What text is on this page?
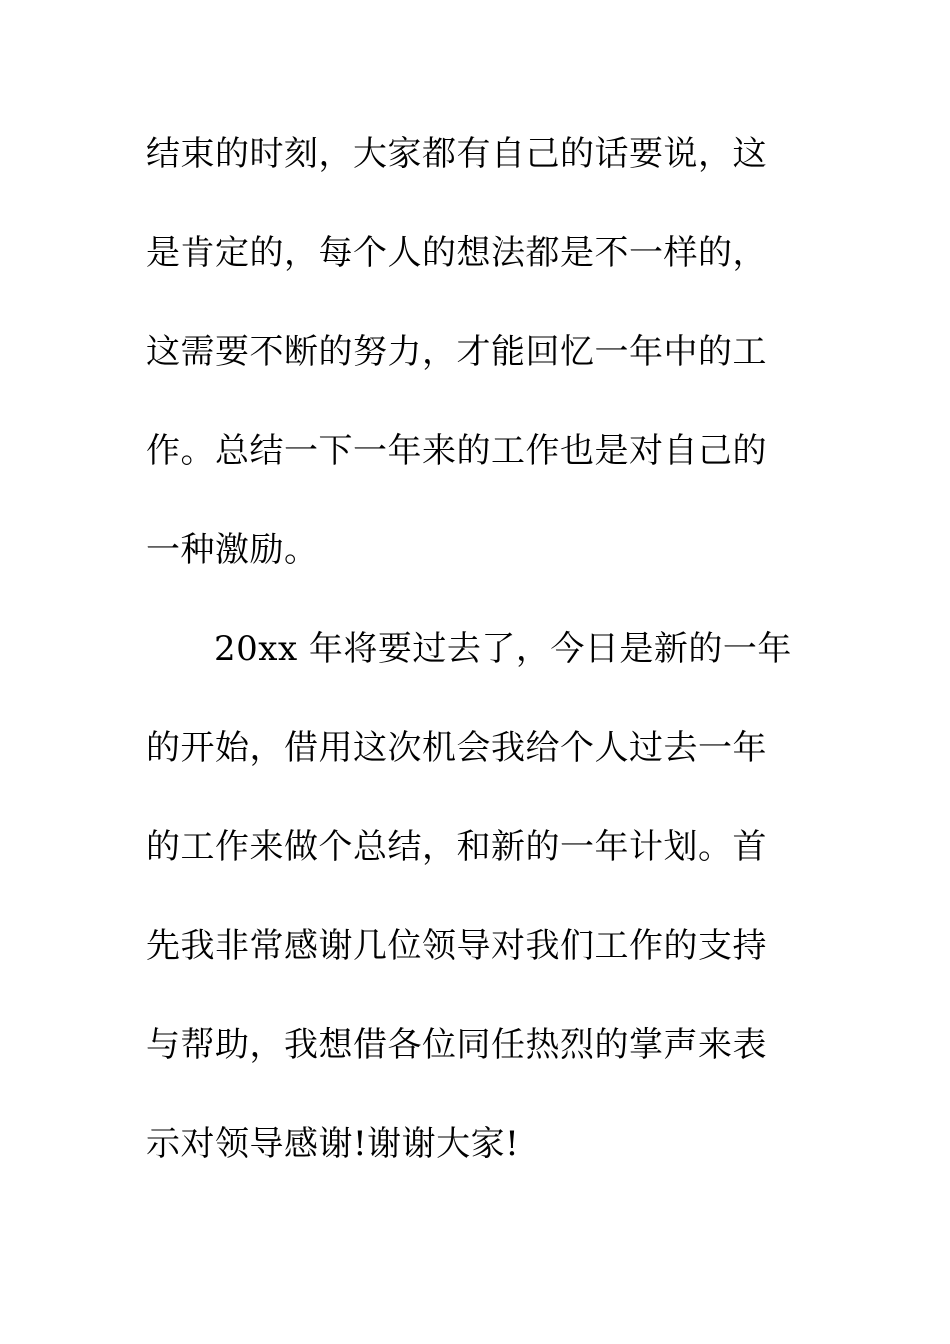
结束的时刻，大家都有自己的话要说，这
是肯定的，每个人的想法都是不一样的，
这需要不断的努力，才能回忆一年中的工
作。总结一下一年来的工作也是对自己的
一种激励。
20xx 年将要过去了，今日是新的一年
的开始，借用这次机会我给个人过去一年
的工作来做个总结，和新的一年计划。首
先我非常感谢几位领导对我们工作的支持
与帮助，我想借各位同任热烈的掌声来表
示对领导感谢!谢谢大家!
